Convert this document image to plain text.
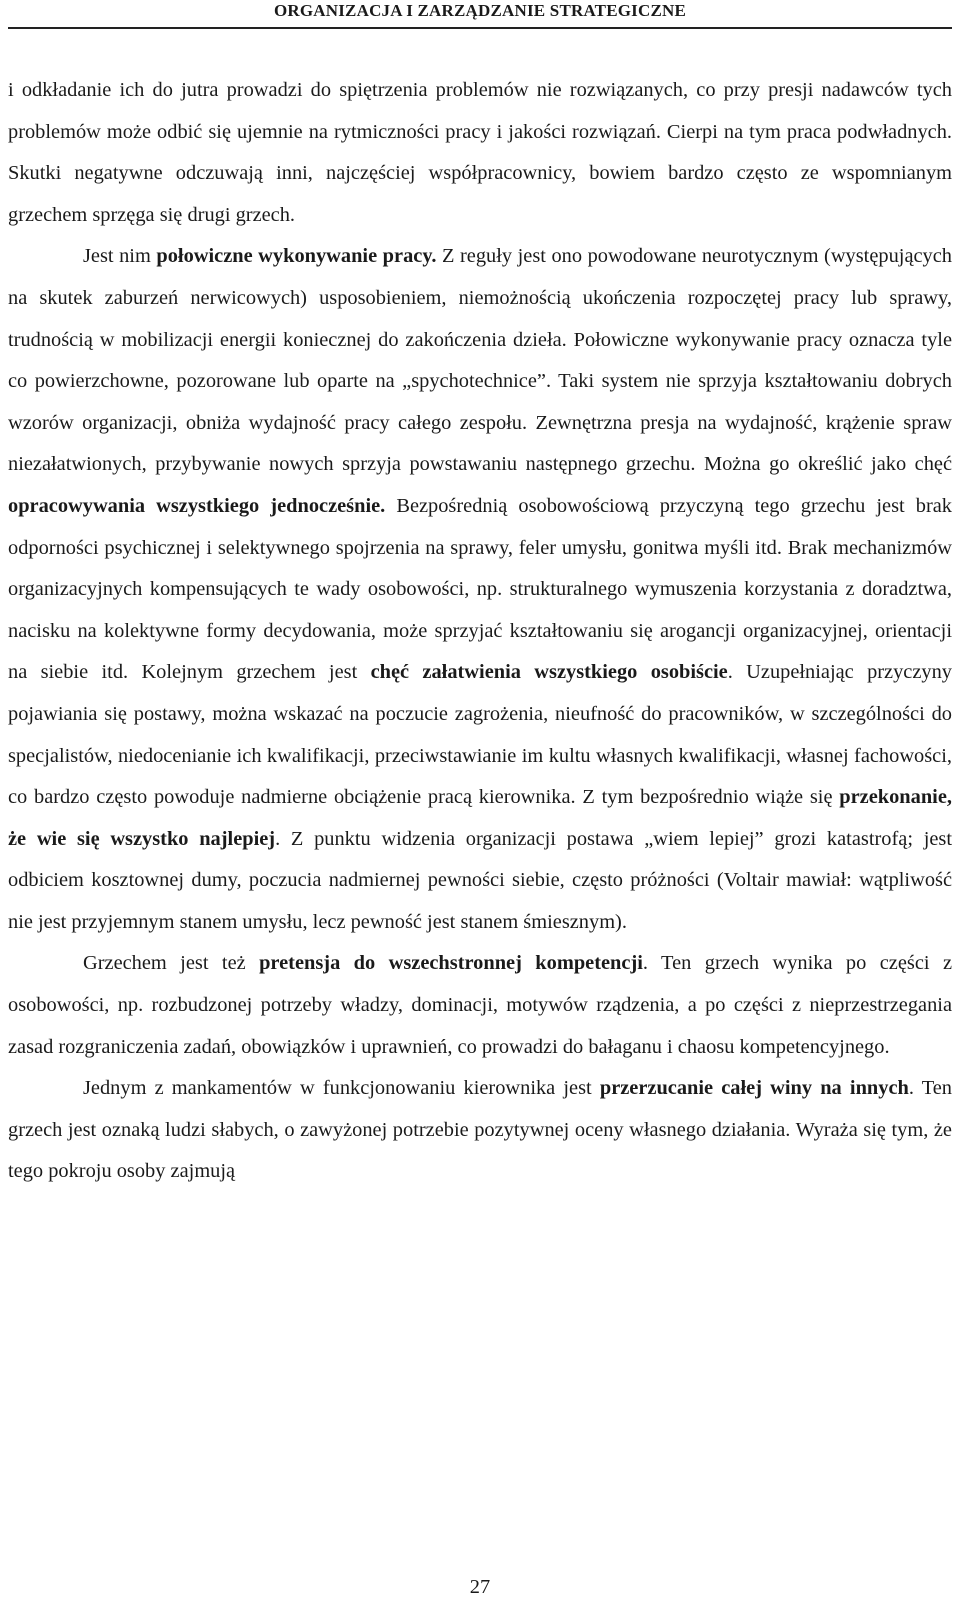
ORGANIZACJA I ZARZĄDZANIE STRATEGICZNE

i odkładanie ich do jutra prowadzi do spiętrzenia problemów nie rozwiązanych, co przy presji nadawców tych problemów może odbić się ujemnie na rytmiczności pracy i jakości rozwiązań. Cierpi na tym praca podwładnych. Skutki negatywne odczuwają inni, najczęściej współpracownicy, bowiem bardzo często ze wspomnianym grzechem sprzęga się drugi grzech.

Jest nim połowiczne wykonywanie pracy. Z reguły jest ono powodowane neurotycznym (występujących na skutek zaburzeń nerwicowych) usposobieniem, niemożnością ukończenia rozpoczętej pracy lub sprawy, trudnością w mobilizacji energii koniecznej do zakończenia dzieła. Połowiczne wykonywanie pracy oznacza tyle co powierzchowne, pozorowane lub oparte na „spychotechnice”. Taki system nie sprzyja kształtowaniu dobrych wzorów organizacji, obniża wydajność pracy całego zespołu. Zewnętrzna presja na wydajność, krążenie spraw niezałatwionych, przybywanie nowych sprzyja powstawaniu następnego grzechu. Można go określić jako chęć opracowywania wszystkiego jednocześnie. Bezpośrednią osobowościową przyczyną tego grzechu jest brak odporności psychicznej i selektywnego spojrzenia na sprawy, feler umysłu, gonitwa myśli itd. Brak mechanizmów organizacyjnych kompensujących te wady osobowości, np. strukturalnego wymuszenia korzystania z doradztwa, nacisku na kolektywne formy decydowania, może sprzyjać kształtowaniu się arogancji organizacyjnej, orientacji na siebie itd. Kolejnym grzechem jest chęć załatwienia wszystkiego osobiście. Uzupełniając przyczyny pojawiania się postawy, można wskazać na poczucie zagrożenia, nieufność do pracowników, w szczególności do specjalistów, niedocenianie ich kwalifikacji, przeciwstawianie im kultu własnych kwalifikacji, własnej fachowości, co bardzo często powoduje nadmierne obciążenie pracą kierownika. Z tym bezpośrednio wiąże się przekonanie, że wie się wszystko najlepiej. Z punktu widzenia organizacji postawa „wiem lepiej” grozi katastrofą; jest odbiciem kosztownej dumy, poczucia nadmiernej pewności siebie, często próżności (Voltair mawiał: wątpliwość nie jest przyjemnym stanem umysłu, lecz pewność jest stanem śmiesznym).

Grzechem jest też pretensja do wszechstronnej kompetencji. Ten grzech wynika po części z osobowości, np. rozbudzonej potrzeby władzy, dominacji, motywów rządzenia, a po części z nieprzestrzegania zasad rozgraniczenia zadań, obowiązków i uprawnień, co prowadzi do bałaganu i chaosu kompetencyjnego.

Jednym z mankamentów w funkcjonowaniu kierownika jest przerzucanie całej winy na innych. Ten grzech jest oznaką ludzi słabych, o zawyżonej potrzebie pozytywnej oceny własnego działania. Wyraża się tym, że tego pokroju osoby zajmują

27
